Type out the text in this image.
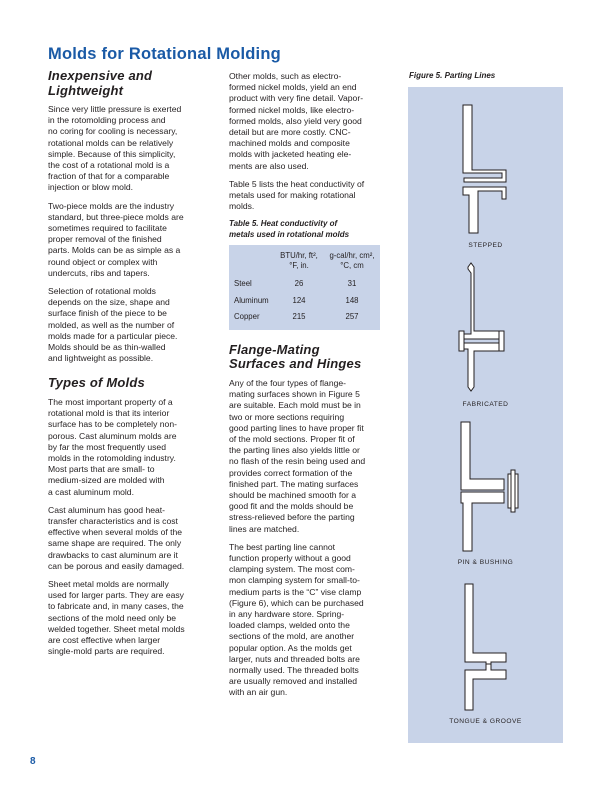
Molds for Rotational Molding
Inexpensive and
Lightweight
Since very little pressure is exerted
in the rotomolding process and
no coring for cooling is necessary,
rotational molds can be relatively
simple. Because of this simplicity,
the cost of a rotational mold is a
fraction of that for a comparable
injection or blow mold.
Two-piece molds are the industry
standard, but three-piece molds are
sometimes required to facilitate
proper removal of the finished
parts. Molds can be as simple as a
round object or complex with
undercuts, ribs and tapers.
Selection of rotational molds
depends on the size, shape and
surface finish of the piece to be
molded, as well as the number of
molds made for a particular piece.
Molds should be as thin-walled
and lightweight as possible.
Types of Molds
The most important property of a
rotational mold is that its interior
surface has to be completely non-
porous. Cast aluminum molds are
by far the most frequently used
molds in the rotomolding industry.
Most parts that are small- to
medium-sized are molded with
a cast aluminum mold.
Cast aluminum has good heat-
transfer characteristics and is cost
effective when several molds of the
same shape are required. The only
drawbacks to cast aluminum are it
can be porous and easily damaged.
Sheet metal molds are normally
used for larger parts. They are easy
to fabricate and, in many cases, the
sections of the mold need only be
welded together. Sheet metal molds
are cost effective when larger
single-mold parts are required.
Other molds, such as electro-
formed nickel molds, yield an end
product with very fine detail. Vapor-
formed nickel molds, like electro-
formed molds, also yield very good
detail but are more costly. CNC-
machined molds and composite
molds with jacketed heating ele-
ments are also used.
Table 5 lists the heat conductivity of
metals used for making rotational
molds.
Table 5. Heat conductivity of
metals used in rotational molds
BTU/hr, ft²,
°F, in.
g-cal/hr, cm²,
°C, cm
Steel	26	31
Aluminum	124	148
Copper	215	257
Flange-Mating
Surfaces and Hinges
Any of the four types of flange-
mating surfaces shown in Figure 5
are suitable. Each mold must be in
two or more sections requiring
good parting lines to have proper fit
of the mold sections. Proper fit of
the parting lines also yields little or
no flash of the resin being used and
provides correct formation of the
finished part. The mating surfaces
should be machined smooth for a
good fit and the molds should be
stress-relieved before the parting
lines are matched.
The best parting line cannot
function properly without a good
clamping system. The most com-
mon clamping system for small-to-
medium parts is the “C” vise clamp
(Figure 6), which can be purchased
in any hardware store. Spring-
loaded clamps, welded onto the
sections of the mold, are another
popular option. As the molds get
larger, nuts and threaded bolts are
normally used. The threaded bolts
are usually removed and installed
with an air gun.
Figure 5. Parting Lines
STEPPED
FABRICATED
PIN & BUSHING
TONGUE & GROOVE
8
